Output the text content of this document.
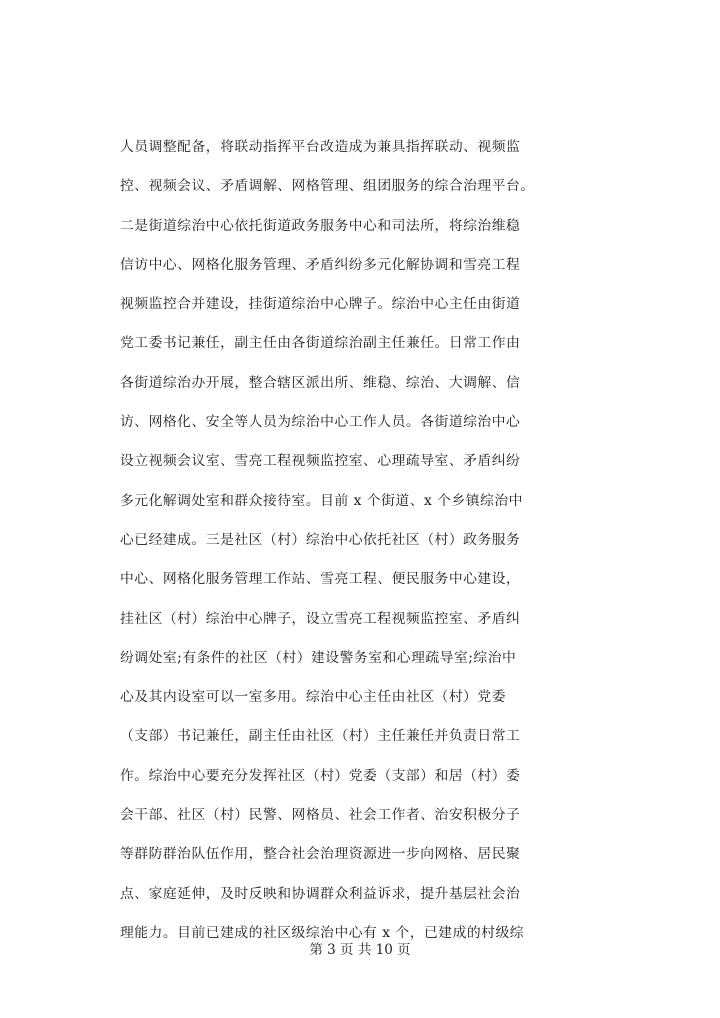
人员调整配备，将联动指挥平台改造成为兼具指挥联动、视频监
控、视频会议、矛盾调解、网格管理、组团服务的综合治理平台。
二是街道综治中心依托街道政务服务中心和司法所，将综治维稳
信访中心、网格化服务管理、矛盾纠纷多元化解协调和雪亮工程
视频监控合并建设，挂街道综治中心牌子。综治中心主任由街道
党工委书记兼任，副主任由各街道综治副主任兼任。日常工作由
各街道综治办开展，整合辖区派出所、维稳、综治、大调解、信
访、网格化、安全等人员为综治中心工作人员。各街道综治中心
设立视频会议室、雪亮工程视频监控室、心理疏导室、矛盾纠纷
多元化解调处室和群众接待室。目前 x 个街道、x 个乡镇综治中
心已经建成。三是社区（村）综治中心依托社区（村）政务服务
中心、网格化服务管理工作站、雪亮工程、便民服务中心建设，
挂社区（村）综治中心牌子，设立雪亮工程视频监控室、矛盾纠
纷调处室;有条件的社区（村）建设警务室和心理疏导室;综治中
心及其内设室可以一室多用。综治中心主任由社区（村）党委
（支部）书记兼任，副主任由社区（村）主任兼任并负责日常工
作。综治中心要充分发挥社区（村）党委（支部）和居（村）委
会干部、社区（村）民警、网格员、社会工作者、治安积极分子
等群防群治队伍作用，整合社会治理资源进一步向网格、居民聚
点、家庭延伸，及时反映和协调群众利益诉求，提升基层社会治
理能力。目前已建成的社区级综治中心有 x 个，已建成的村级综
第 3 页 共 10 页
